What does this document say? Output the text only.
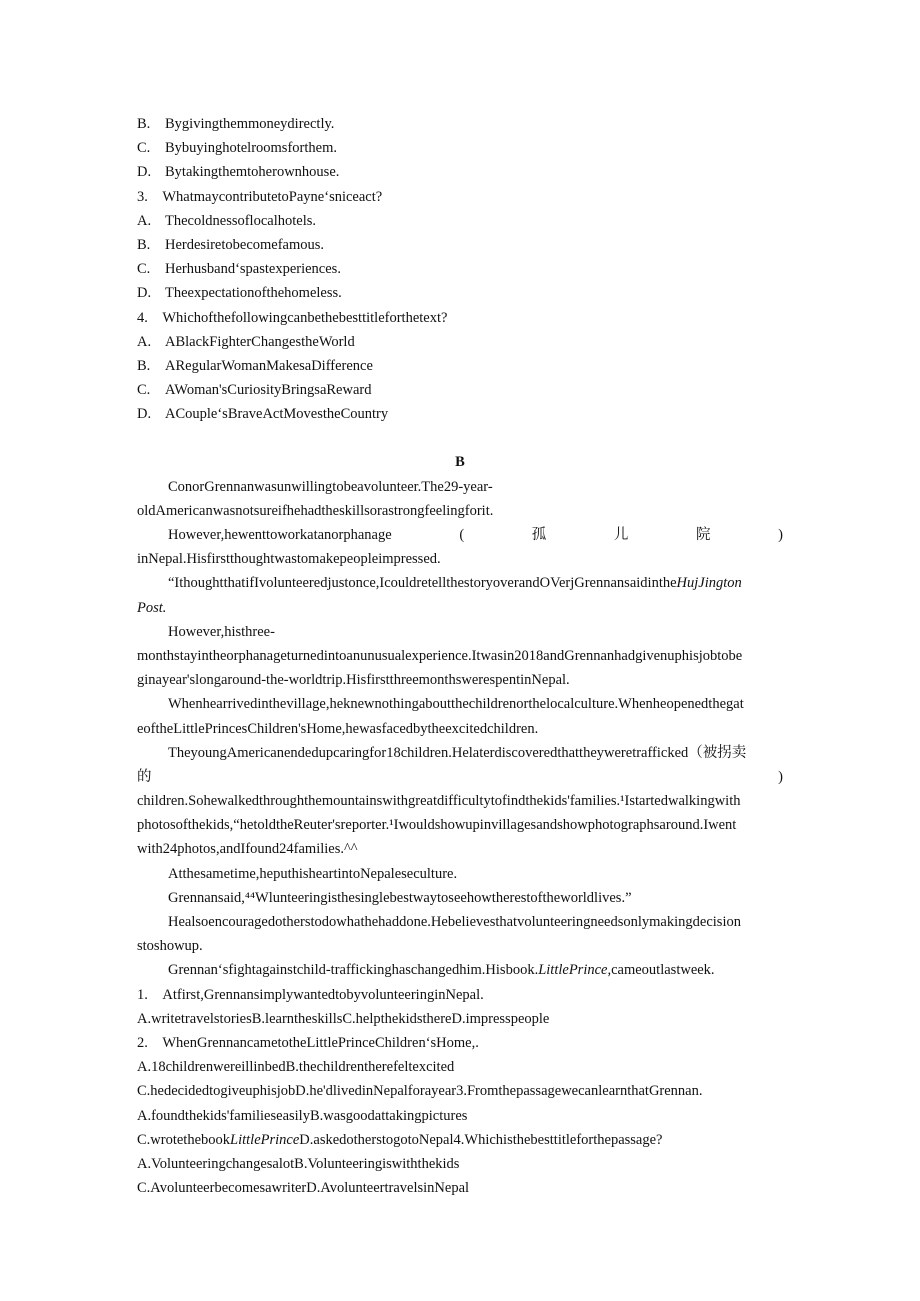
B. Bygivingthemmoneydirectly.
C. Bybuyinghotelroomsforthem.
D. Bytakingthemtoherownhouse.
3. WhatmaycontributetoPayneʻsniceact?
A. Thecoldnessoflocalhotels.
B. Herdesiretobecomefamous.
C. Herhusbandʻspastexperiences.
D. Theexpectationofthehomeless.
4. Whichofthefollowingcanbethebesttitleforthetext?
A. ABlackFighterChangestheWorld
B. ARegularWomanMakesaDifference
C. AWoman'sCuriosityBringsaReward
D. ACoupleʻsBraveActMovestheCountry
B
ConorGrennanwasunwillingtobeavolunteer.The29-year-
oldAmericanwasnotsureifhehadtheskillsorastrongfeelingforit.
However,hewenttoworkatanorphanage	(	孤	儿	院	)
inNepal.Hisfirstthoughtwastomakepeopleimpressed.
“IthoughtthatifIvolunteeredjustonce,IcouldretellthestoryoverandOVerjGrennansaidintheHujJington
Post.
However,histhree-
monthstayintheorphanageturnedintoanunusualexperience.Itwasin2018andGrennanhadgivenuphisjobtobe
ginayear'slongaround-the-worldtrip.HisfirstthreemonthswerespentinNepal.
Whenhearrivedinthevillage,heknewnothingaboutthechildrenorthelocalculture.Whenheopenedthegat
eoftheLittlePrincesChildren'sHome,hewasfacedbytheexcitedchildren.
TheyoungAmericanendedupcaringfor18children.Helaterdiscoveredthattheyweretrafficked（被拐卖
的	)
children.Sohewalkedthroughthemountainswithgreatdifficultytofindthekids'families.¹Istartedwalkingwith
photosofthekids,“hetoldtheReuter'sreporter.¹Iwouldshowupinvillagesandshowphotographsaround.Iwent
with24photos,andIfound24families.^^
Atthesametime,heputhisheartintoNepaleseculture.
Grennansaid,⁴⁴Wlunteeringisthesinglebestwaytoseehowtherestoftheworldlives.”
Healsoencouragedotherstodowhathehaddone.Hebelievesthatvolunteeringneedsonlymakingdecision
stoshowup.
Grennanʻsfightagainstchild-traffickinghaschangedhim.Hisbook.LittlePrince,cameoutlastweek.
1. Atfirst,GrennansimplywantedtobyvolunteeringinNepal.
A.writetravelstoriesB.learntheskillsC.helpthekidsthereD.impresspeople
2. WhenGrennancametotheLittlePrinceChildrenʻsHome,.
A.18childrenwereillinbedB.thechildrentherefeltexcited
C.hedecidedtogiveuphisjobD.he'dlivedinNepalforayear3.FromthepassagewecanlearnthatGrennan.
A.foundthekids'familieseasilyB.wasgoodattakingpictures
C.wrotethebookLittlePrinceD.askedotherstogotoNepal4.Whichisthebesttitleforthepassage?
A.VolunteeringchangesalotB.Volunteeringiswiththekids
C.AvolunteerbecomesawriterD.AvolunteertravelsinNepal
